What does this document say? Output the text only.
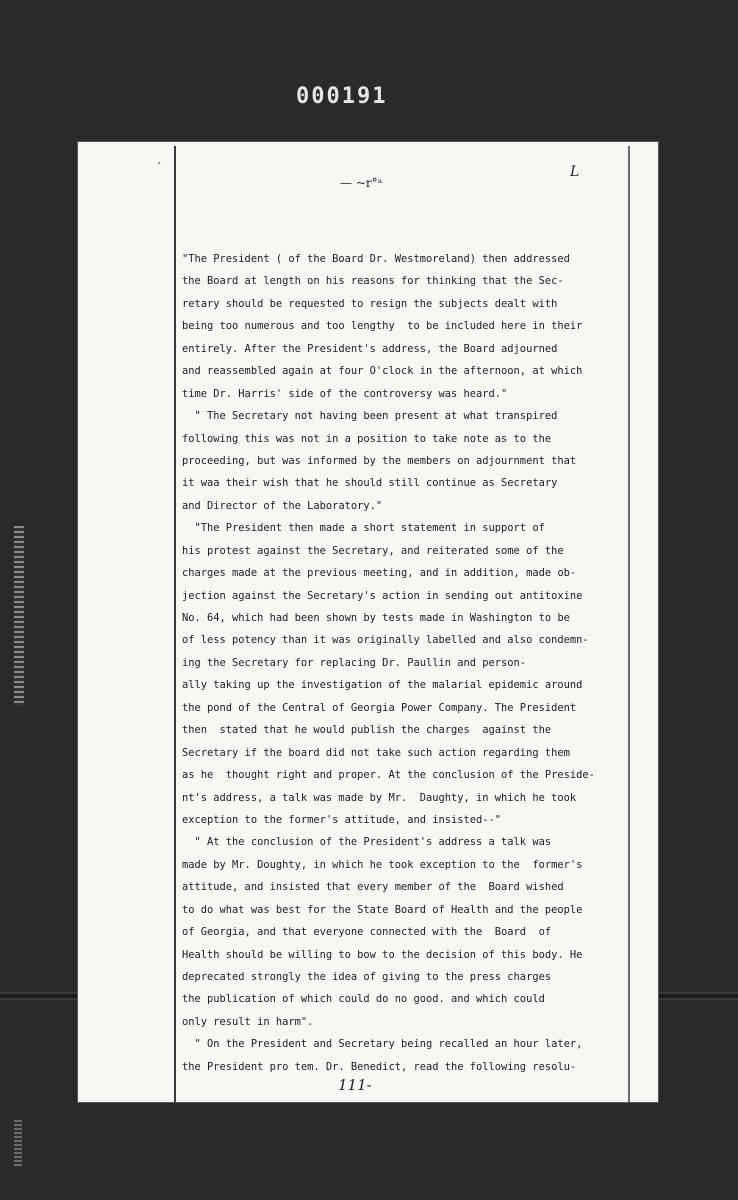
000191
′	L
— ~r°ᵃ
"The President ( of the Board Dr. Westmoreland) then addressed
the Board at length on his reasons for thinking that the Sec-
retary should be requested to resign the subjects dealt with
being too numerous and too lengthy  to be included here in their
entirely. After the President's address, the Board adjourned
and reassembled again at four O'clock in the afternoon, at which
time Dr. Harris' side of the controversy was heard."
" The Secretary not having been present at what transpired
following this was not in a position to take note as to the
proceeding, but was informed by the members on adjournment that
it waa their wish that he should still continue as Secretary
and Director of the Laboratory."
"The President then made a short statement in support of
his protest against the Secretary, and reiterated some of the
charges made at the previous meeting, and in addition, made ob-
jection against the Secretary's action in sending out antitoxine
No. 64, which had been shown by tests made in Washington to be
of less potency than it was originally labelled and also condemn-
ing the Secretary for replacing Dr. Paullin and person-
ally taking up the investigation of the malarial epidemic around
the pond of the Central of Georgia Power Company. The President
then  stated that he would publish the charges  against the
Secretary if the board did not take such action regarding them
as he  thought right and proper. At the conclusion of the Preside-
nt's address, a talk was made by Mr.  Daughty, in which he took
exception to the former's attitude, and insisted--"
" At the conclusion of the President's address a talk was
made by Mr. Doughty, in which he took exception to the  former's
attitude, and insisted that every member of the  Board wished
to do what was best for the State Board of Health and the people
of Georgia, and that everyone connected with the  Board  of
Health should be willing to bow to the decision of this body. He
deprecated strongly the idea of giving to the press charges
the publication of which could do no good. and which could
only result in harm".
" On the President and Secretary being recalled an hour later,
the President pro tem. Dr. Benedict, read the following resolu-
111-
